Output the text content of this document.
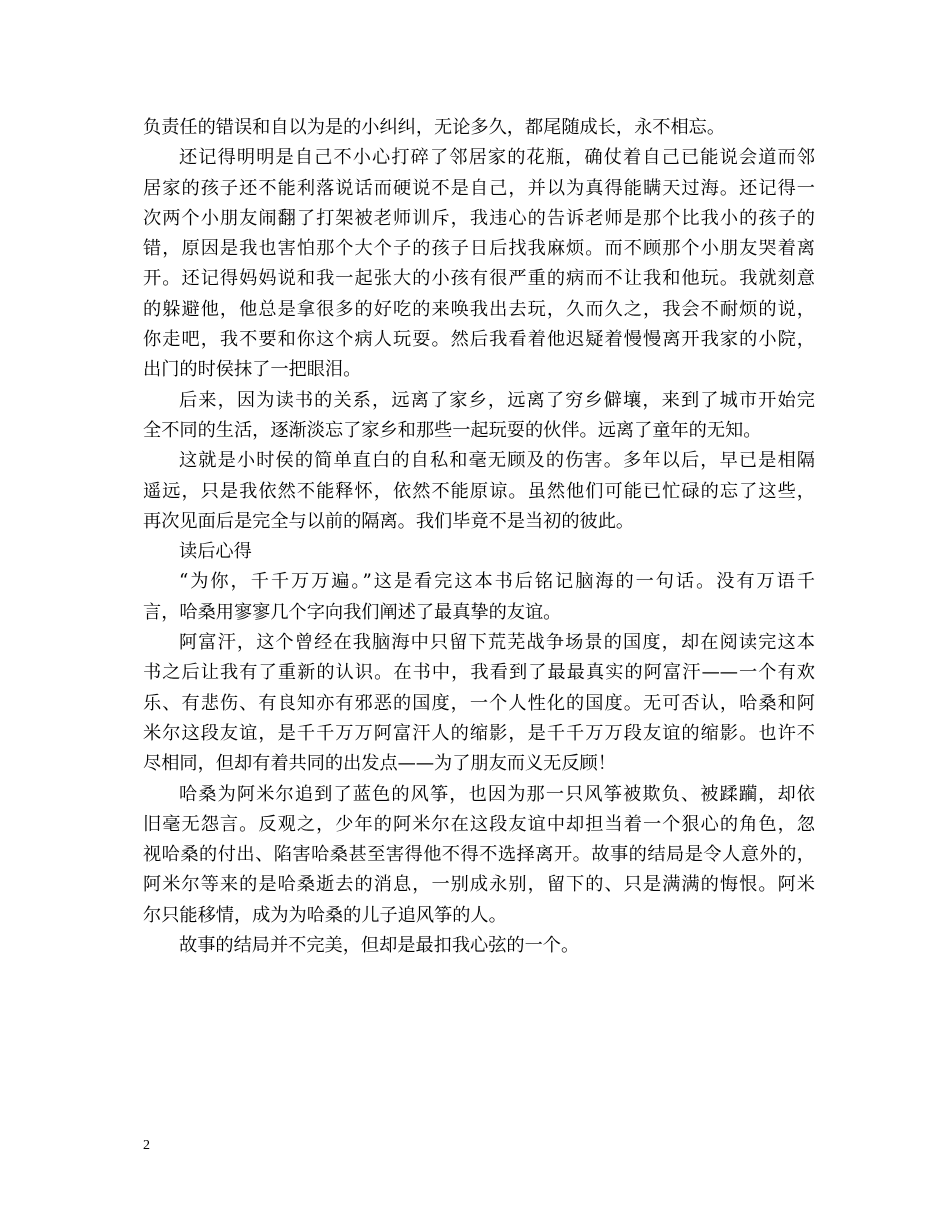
负责任的错误和自以为是的小纠纠，无论多久，都尾随成长，永不相忘。
还记得明明是自己不小心打碎了邻居家的花瓶，确仗着自己已能说会道而邻
居家的孩子还不能利落说话而硬说不是自己，并以为真得能瞒天过海。还记得一
次两个小朋友闹翻了打架被老师训斥，我违心的告诉老师是那个比我小的孩子的
错，原因是我也害怕那个大个子的孩子日后找我麻烦。而不顾那个小朋友哭着离
开。还记得妈妈说和我一起张大的小孩有很严重的病而不让我和他玩。我就刻意
的躲避他，他总是拿很多的好吃的来唤我出去玩，久而久之，我会不耐烦的说，
你走吧，我不要和你这个病人玩耍。然后我看着他迟疑着慢慢离开我家的小院，
出门的时侯抹了一把眼泪。
后来，因为读书的关系，远离了家乡，远离了穷乡僻壤，来到了城市开始完
全不同的生活，逐渐淡忘了家乡和那些一起玩耍的伙伴。远离了童年的无知。
这就是小时侯的简单直白的自私和毫无顾及的伤害。多年以后，早已是相隔
遥远，只是我依然不能释怀，依然不能原谅。虽然他们可能已忙碌的忘了这些，
再次见面后是完全与以前的隔离。我们毕竟不是当初的彼此。
读后心得
“为你，千千万万遍。”这是看完这本书后铭记脑海的一句话。没有万语千
言，哈桑用寥寥几个字向我们阐述了最真挚的友谊。
阿富汗，这个曾经在我脑海中只留下荒芜战争场景的国度，却在阅读完这本
书之后让我有了重新的认识。在书中，我看到了最最真实的阿富汗——一个有欢
乐、有悲伤、有良知亦有邪恶的国度，一个人性化的国度。无可否认，哈桑和阿
米尔这段友谊，是千千万万阿富汗人的缩影，是千千万万段友谊的缩影。也许不
尽相同，但却有着共同的出发点——为了朋友而义无反顾！
哈桑为阿米尔追到了蓝色的风筝，也因为那一只风筝被欺负、被蹂躏，却依
旧毫无怨言。反观之，少年的阿米尔在这段友谊中却担当着一个狠心的角色，忽
视哈桑的付出、陷害哈桑甚至害得他不得不选择离开。故事的结局是令人意外的，
阿米尔等来的是哈桑逝去的消息，一别成永别，留下的、只是满满的悔恨。阿米
尔只能移情，成为为哈桑的儿子追风筝的人。
故事的结局并不完美，但却是最扣我心弦的一个。
2
